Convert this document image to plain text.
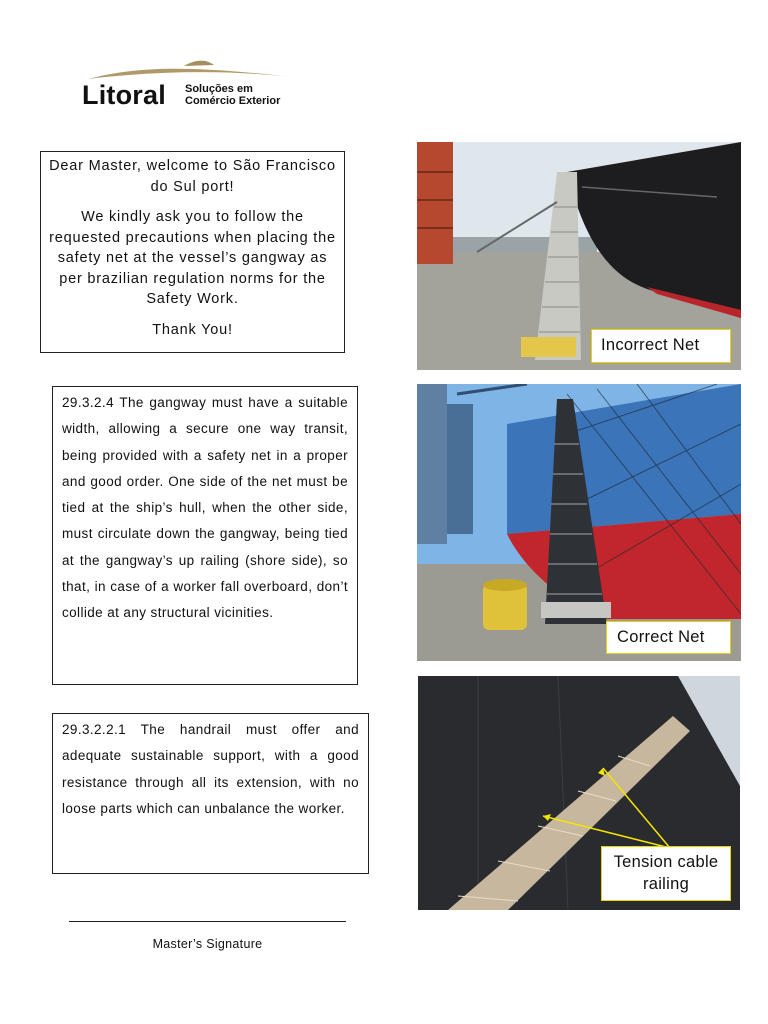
Litoral Soluções em
Comércio Exterior

Dear Master, welcome to São Francisco do Sul port!

We kindly ask you to follow the requested precautions when placing the safety net at the vessel’s gangway as per brazilian regulation norms for the Safety Work.

Thank You!

29.3.2.4 The gangway must have a suitable width, allowing a secure one way transit, being provided with a safety net in a proper and good order. One side of the net must be tied at the ship’s hull, when the other side, must circulate down the gangway, being tied at the gangway’s up railing (shore side), so that, in case of a worker fall overboard, don’t collide at any structural vicinities.
29.3.2.2.1 The handrail must offer and adequate sustainable support, with a good resistance through all its extension, with no loose parts which can unbalance the worker.
Master’s Signature
Incorrect Net
Correct Net
Tension cable
railing
